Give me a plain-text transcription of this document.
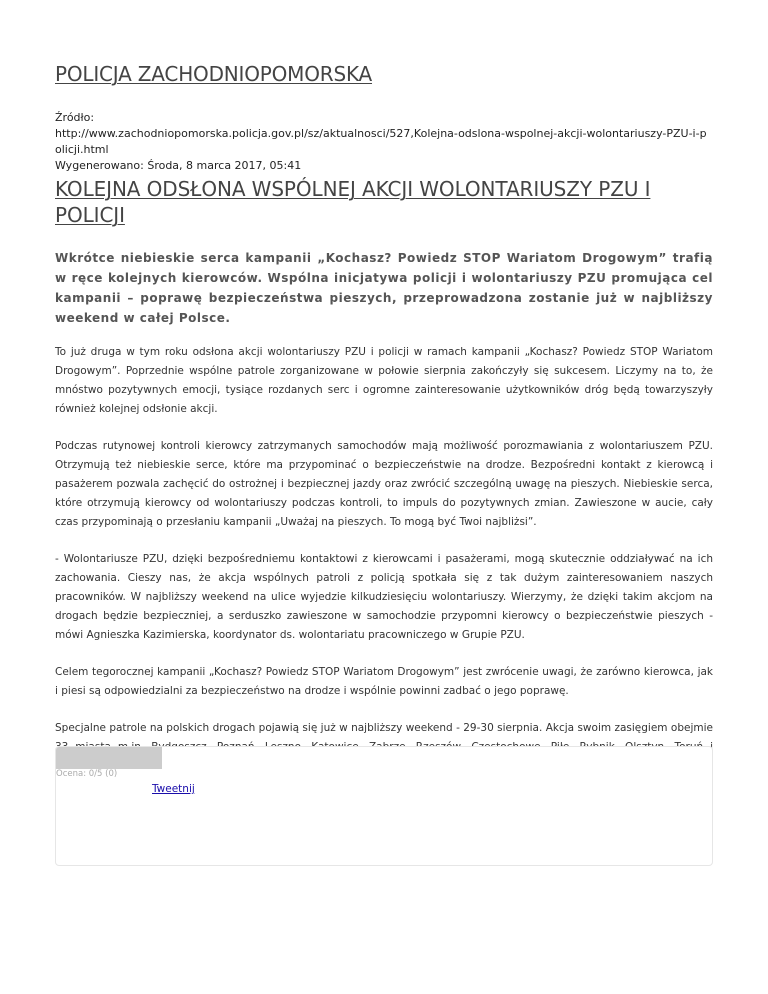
POLICJA ZACHODNIOPOMORSKA
Źródło:
http://www.zachodniopomorska.policja.gov.pl/sz/aktualnosci/527,Kolejna-odslona-wspolnej-akcji-wolontariuszy-PZU-i-policji.html
Wygenerowano: Środa, 8 marca 2017, 05:41
KOLEJNA ODSŁONA WSPÓLNEJ AKCJI WOLONTARIUSZY PZU I POLICJI

Wkrótce niebieskie serca kampanii „Kochasz? Powiedz STOP Wariatom Drogowym” trafią w ręce kolejnych kierowców. Wspólna inicjatywa policji i wolontariuszy PZU promująca cel kampanii – poprawę bezpieczeństwa pieszych, przeprowadzona zostanie już w najbliższy weekend w całej Polsce.

To już druga w tym roku odsłona akcji wolontariuszy PZU i policji w ramach kampanii „Kochasz? Powiedz STOP Wariatom Drogowym”. Poprzednie wspólne patrole zorganizowane w połowie sierpnia zakończyły się sukcesem. Liczymy na to, że mnóstwo pozytywnych emocji, tysiące rozdanych serc i ogromne zainteresowanie użytkowników dróg będą towarzyszyły również kolejnej odsłonie akcji.

Podczas rutynowej kontroli kierowcy zatrzymanych samochodów mają możliwość porozmawiania z wolontariuszem PZU. Otrzymują też niebieskie serce, które ma przypominać o bezpieczeństwie na drodze. Bezpośredni kontakt z kierowcą i pasażerem pozwala zachęcić do ostrożnej i bezpiecznej jazdy oraz zwrócić szczególną uwagę na pieszych. Niebieskie serca, które otrzymują kierowcy od wolontariuszy podczas kontroli, to impuls do pozytywnych zmian. Zawieszone w aucie, cały czas przypominają o przesłaniu kampanii „Uważaj na pieszych. To mogą być Twoi najbliżsi”.

- Wolontariusze PZU, dzięki bezpośredniemu kontaktowi z kierowcami i pasażerami, mogą skutecznie oddziaływać na ich zachowania. Cieszy nas, że akcja wspólnych patroli z policją spotkała się z tak dużym zainteresowaniem naszych pracowników. W najbliższy weekend na ulice wyjedzie kilkudziesięciu wolontariuszy. Wierzymy, że dzięki takim akcjom na drogach będzie bezpieczniej, a serduszko zawieszone w samochodzie przypomni kierowcy o bezpieczeństwie pieszych - mówi Agnieszka Kazimierska, koordynator ds. wolontariatu pracowniczego w Grupie PZU.

Celem tegorocznej kampanii „Kochasz? Powiedz STOP Wariatom Drogowym” jest zwrócenie uwagi, że zarówno kierowca, jak i piesi są odpowiedzialni za bezpieczeństwo na drodze i wspólnie powinni zadbać o jego poprawę.

Specjalne patrole na polskich drogach pojawią się już w najbliższy weekend - 29-30 sierpnia. Akcja swoim zasięgiem obejmie

Ocena: 0/5 (0)
Tweetnij
